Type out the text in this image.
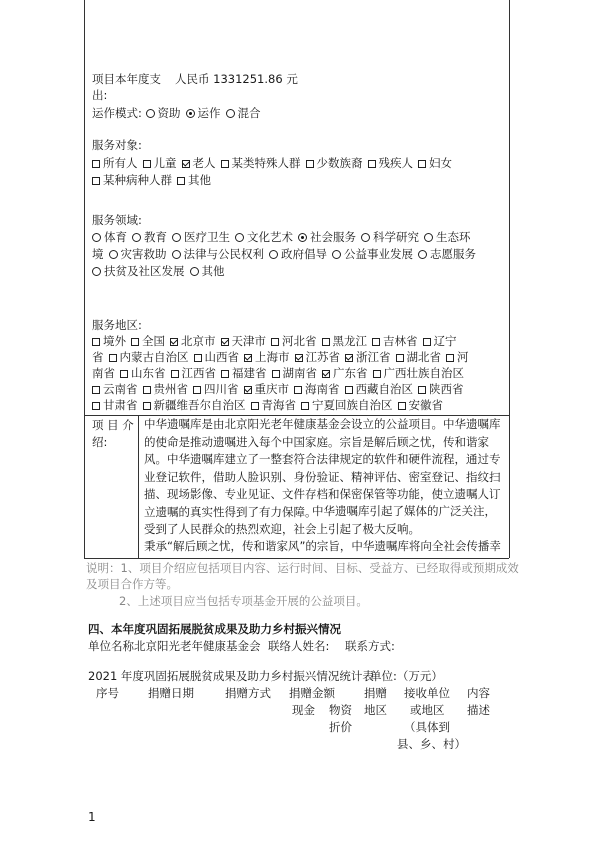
项目本年度支 人民币 1331251.86 元
出:
运作模式: 资助 运作 混合
服务对象:
所有人 儿童 老人 某类特殊人群 少数族裔 残疾人 妇女
某种病种人群 其他
服务领域:
体育 教育 医疗卫生 文化艺术 社会服务 科学研究 生态环
境 灾害救助 法律与公民权利 政府倡导 公益事业发展 志愿服务
扶贫及社区发展 其他
服务地区:
境外 全国 北京市 天津市 河北省 黑龙江 吉林省 辽宁
省 内蒙古自治区 山西省 上海市 江苏省 浙江省 湖北省 河
南省 山东省 江西省 福建省 湖南省 广东省 广西壮族自治区
云南省 贵州省 四川省 重庆市 海南省 西藏自治区 陕西省
甘肃省 新疆维吾尔自治区 青海省 宁夏回族自治区 安徽省
项 目 介
绍:
中华遗嘱库是由北京阳光老年健康基金会设立的公益项目。中华遗嘱库的使命是推动遗嘱进入每个中国家庭。宗旨是解后顾之忧，传和谐家风。 中华遗嘱库建立了一整套符合法律规定的软件和硬件流程，通过专业登记软件，借助人脸识别、身份验证、精神评估、密室登记、指纹扫描、现场影像、专业见证、文件存档和保密保管等功能，使立遗嘱人订立遗嘱的真实性得到了有力保障。
中华遗嘱库引起了媒体的广泛关注，受到了人民群众的热烈欢迎，社会上引起了极大反响。
秉承“解后顾之忧，传和谐家风”的宗旨，中华遗嘱库将向全社会传播幸
说明：1、项目介绍应包括项目内容、运行时间、目标、受益方、已经取得或预期成效
及项目合作方等。
2、上述项目应当包括专项基金开展的公益项目。
四、本年度巩固拓展脱贫成果及助力乡村振兴情况
单位名称北京阳光老年健康基金会 联络人姓名: 联系方式:
2021 年度巩固拓展脱贫成果及助力乡村振兴情况统计表
单位:（万元）
序号	捐赠日期	捐赠方式 捐赠金额
现金 物资
折价
捐赠
地区
接收单位
或地区
（具体到
县、乡、村）
内容
描述
1
